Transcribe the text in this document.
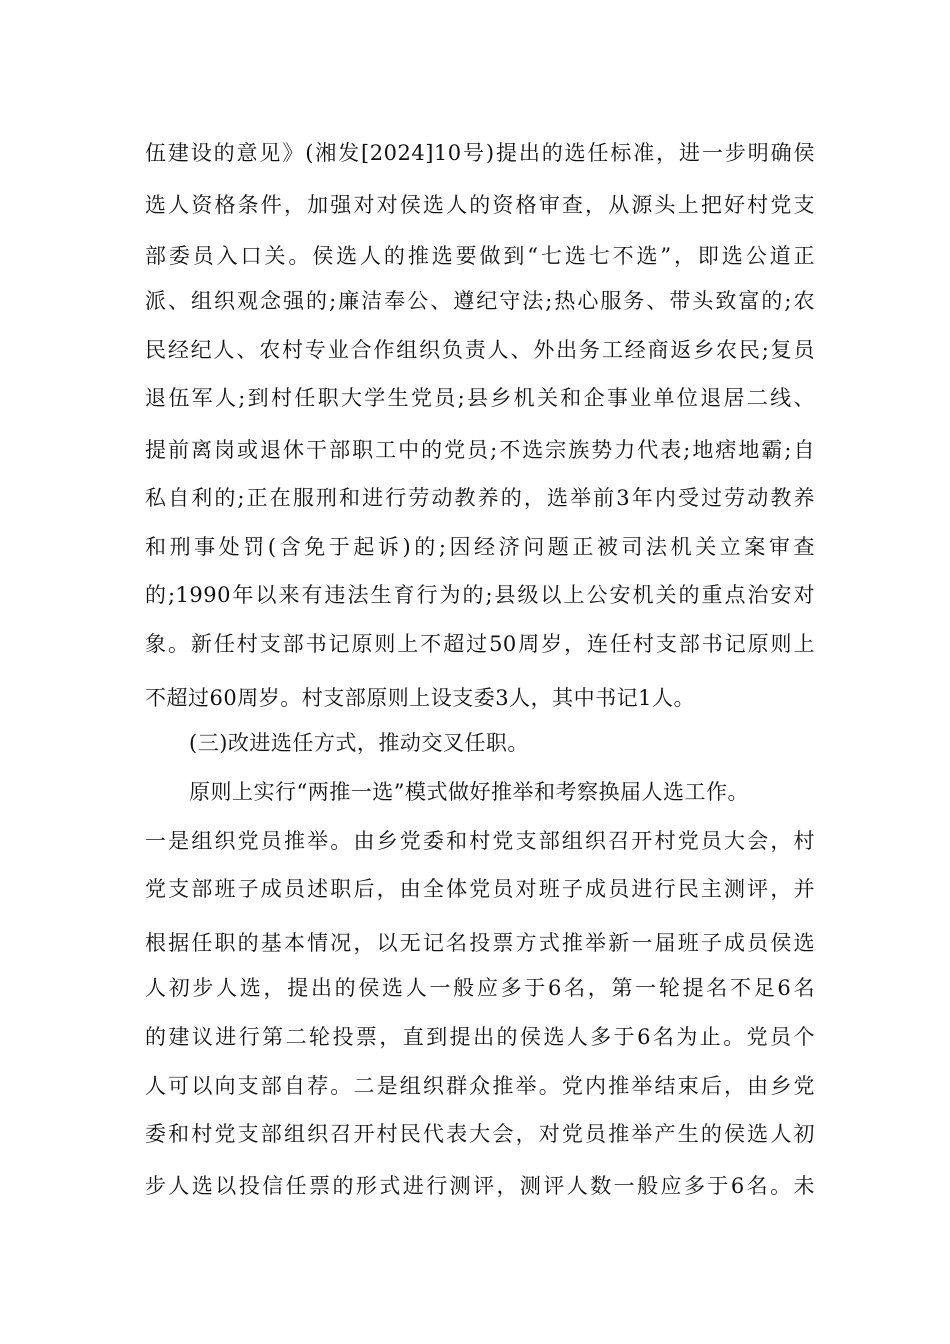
伍建设的意见》(湘发[2024]10号)提出的选任标准，进一步明确侯
选人资格条件，加强对对侯选人的资格审查，从源头上把好村党支
部委员入口关。侯选人的推选要做到“七选七不选”，即选公道正
派、组织观念强的;廉洁奉公、遵纪守法;热心服务、带头致富的;农
民经纪人、农村专业合作组织负责人、外出务工经商返乡农民;复员
退伍军人;到村任职大学生党员;县乡机关和企事业单位退居二线、
提前离岗或退休干部职工中的党员;不选宗族势力代表;地痞地霸;自
私自利的;正在服刑和进行劳动教养的，选举前3年内受过劳动教养
和刑事处罚(含免于起诉)的;因经济问题正被司法机关立案审查
的;1990年以来有违法生育行为的;县级以上公安机关的重点治安对
象。新任村支部书记原则上不超过50周岁，连任村支部书记原则上
不超过60周岁。村支部原则上设支委3人，其中书记1人。
(三)改进选任方式，推动交叉任职。
原则上实行“两推一选”模式做好推举和考察换届人选工作。
一是组织党员推举。由乡党委和村党支部组织召开村党员大会，村
党支部班子成员述职后，由全体党员对班子成员进行民主测评，并
根据任职的基本情况，以无记名投票方式推举新一届班子成员侯选
人初步人选，提出的侯选人一般应多于6名，第一轮提名不足6名
的建议进行第二轮投票，直到提出的侯选人多于6名为止。党员个
人可以向支部自荐。二是组织群众推举。党内推举结束后，由乡党
委和村党支部组织召开村民代表大会，对党员推举产生的侯选人初
步人选以投信任票的形式进行测评，测评人数一般应多于6名。未
